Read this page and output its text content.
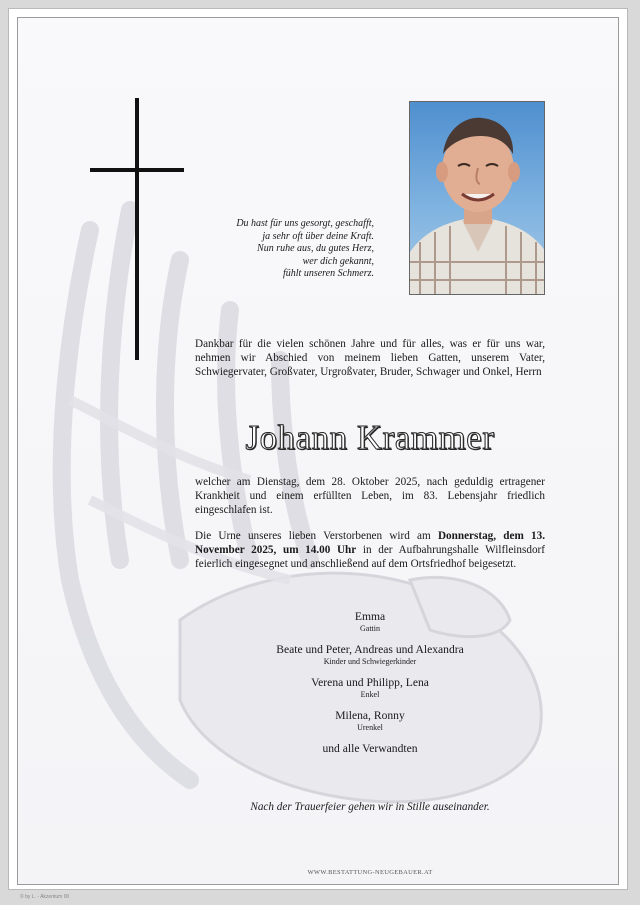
Du hast für uns gesorgt, geschafft,
ja sehr oft über deine Kraft.
Nun ruhe aus, du gutes Herz,
wer dich gekannt,
fühlt unseren Schmerz.
Dankbar für die vielen schönen Jahre und für alles, was er für uns war, nehmen wir Abschied von meinem lieben Gatten, unserem Vater, Schwiegervater, Großvater, Urgroßvater, Bruder, Schwager und Onkel, Herrn
Johann Krammer
welcher am Dienstag, dem 28. Oktober 2025, nach geduldig ertragener Krankheit und einem erfüllten Leben, im 83. Lebensjahr friedlich eingeschlafen ist.
Die Urne unseres lieben Verstorbenen wird am Donnerstag, dem 13. November 2025, um 14.00 Uhr in der Aufbahrungshalle Wilfleinsdorf feierlich eingesegnet und anschließend auf dem Ortsfriedhof beigesetzt.
Emma
Gattin
Beate und Peter, Andreas und Alexandra
Kinder und Schwiegerkinder
Verena und Philipp, Lena
Enkel
Milena, Ronny
Urenkel
und alle Verwandten
Nach der Trauerfeier gehen wir in Stille auseinander.
WWW.BESTATTUNG-NEUGEBAUER.AT
© by L. - Akzentum 00
